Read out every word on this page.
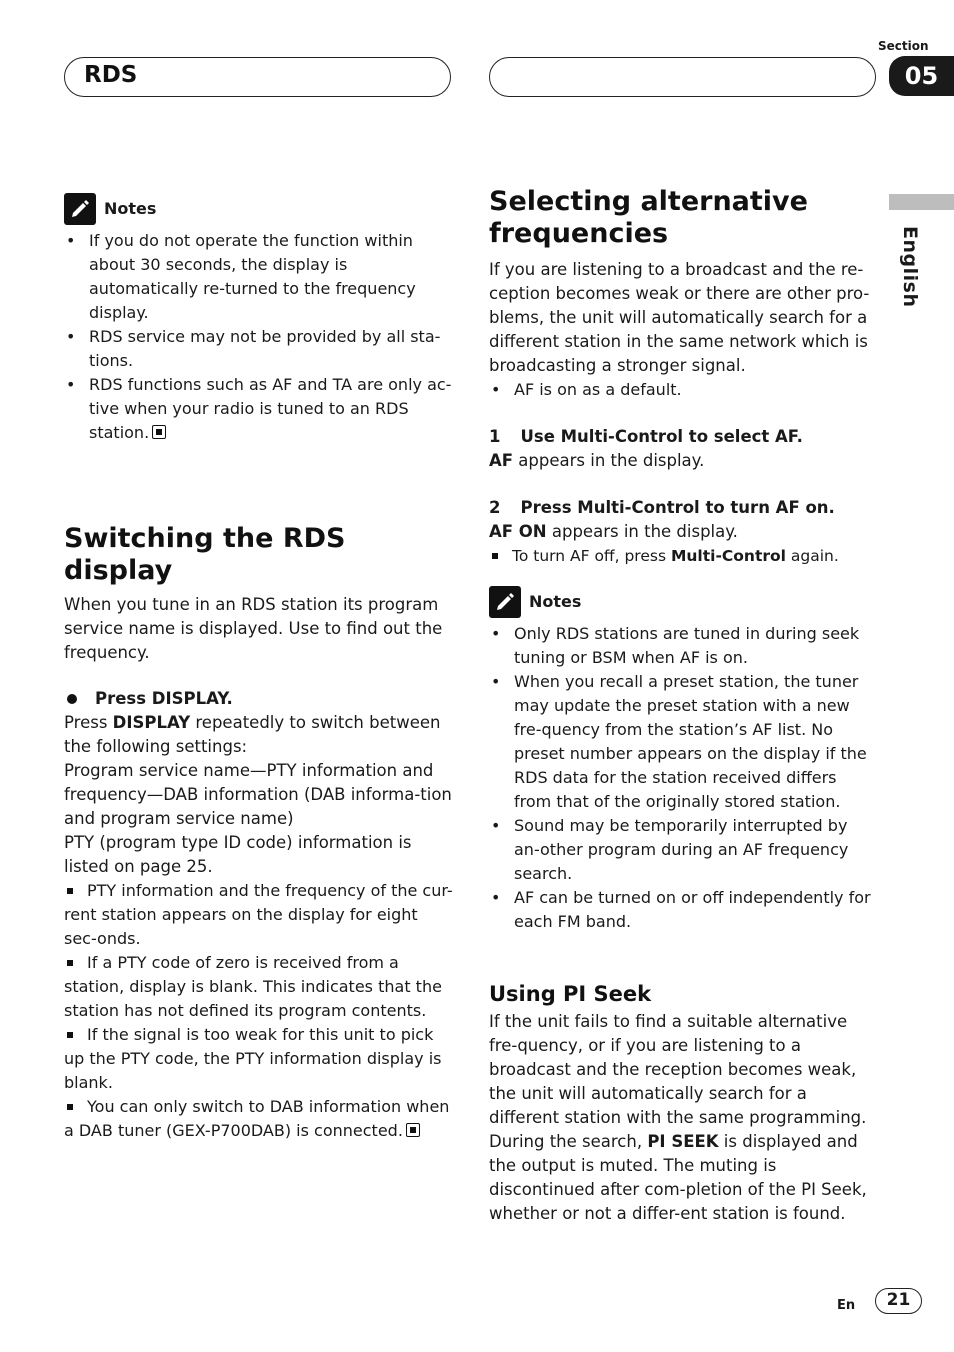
RDS
Section
05
English
Notes
• If you do not operate the function within about 30 seconds, the display is automatically re-turned to the frequency display.
• RDS service may not be provided by all sta-tions.
• RDS functions such as AF and TA are only ac-tive when your radio is tuned to an RDS station.
Switching the RDS display

When you tune in an RDS station its program service name is displayed. Use to find out the frequency.

Press DISPLAY.

Press DISPLAY repeatedly to switch between the following settings:

Program service name—PTY information and frequency—DAB information (DAB informa-tion and program service name)

PTY (program type ID code) information is listed on page 25.

PTY information and the frequency of the cur-rent station appears on the display for eight sec-onds.

If a PTY code of zero is received from a station, display is blank. This indicates that the station has not defined its program contents.

If the signal is too weak for this unit to pick up the PTY code, the PTY information display is blank.

You can only switch to DAB information when a DAB tuner (GEX-P700DAB) is connected.

Selecting alternative frequencies

If you are listening to a broadcast and the re-ception becomes weak or there are other pro-blems, the unit will automatically search for a different station in the same network which is broadcasting a stronger signal.

• AF is on as a default.

1 Use Multi-Control to select AF.

AF appears in the display.

2 Press Multi-Control to turn AF on.

AF ON appears in the display.

To turn AF off, press Multi-Control again.

Notes
• Only RDS stations are tuned in during seek tuning or BSM when AF is on.
• When you recall a preset station, the tuner may update the preset station with a new fre-quency from the station’s AF list. No preset number appears on the display if the RDS data for the station received differs from that of the originally stored station.
• Sound may be temporarily interrupted by an-other program during an AF frequency search.
• AF can be turned on or off independently for each FM band.
Using PI Seek

If the unit fails to find a suitable alternative fre-quency, or if you are listening to a broadcast and the reception becomes weak, the unit will automatically search for a different station with the same programming. During the search, PI SEEK is displayed and the output is muted. The muting is discontinued after com-pletion of the PI Seek, whether or not a differ-ent station is found.

En	21
